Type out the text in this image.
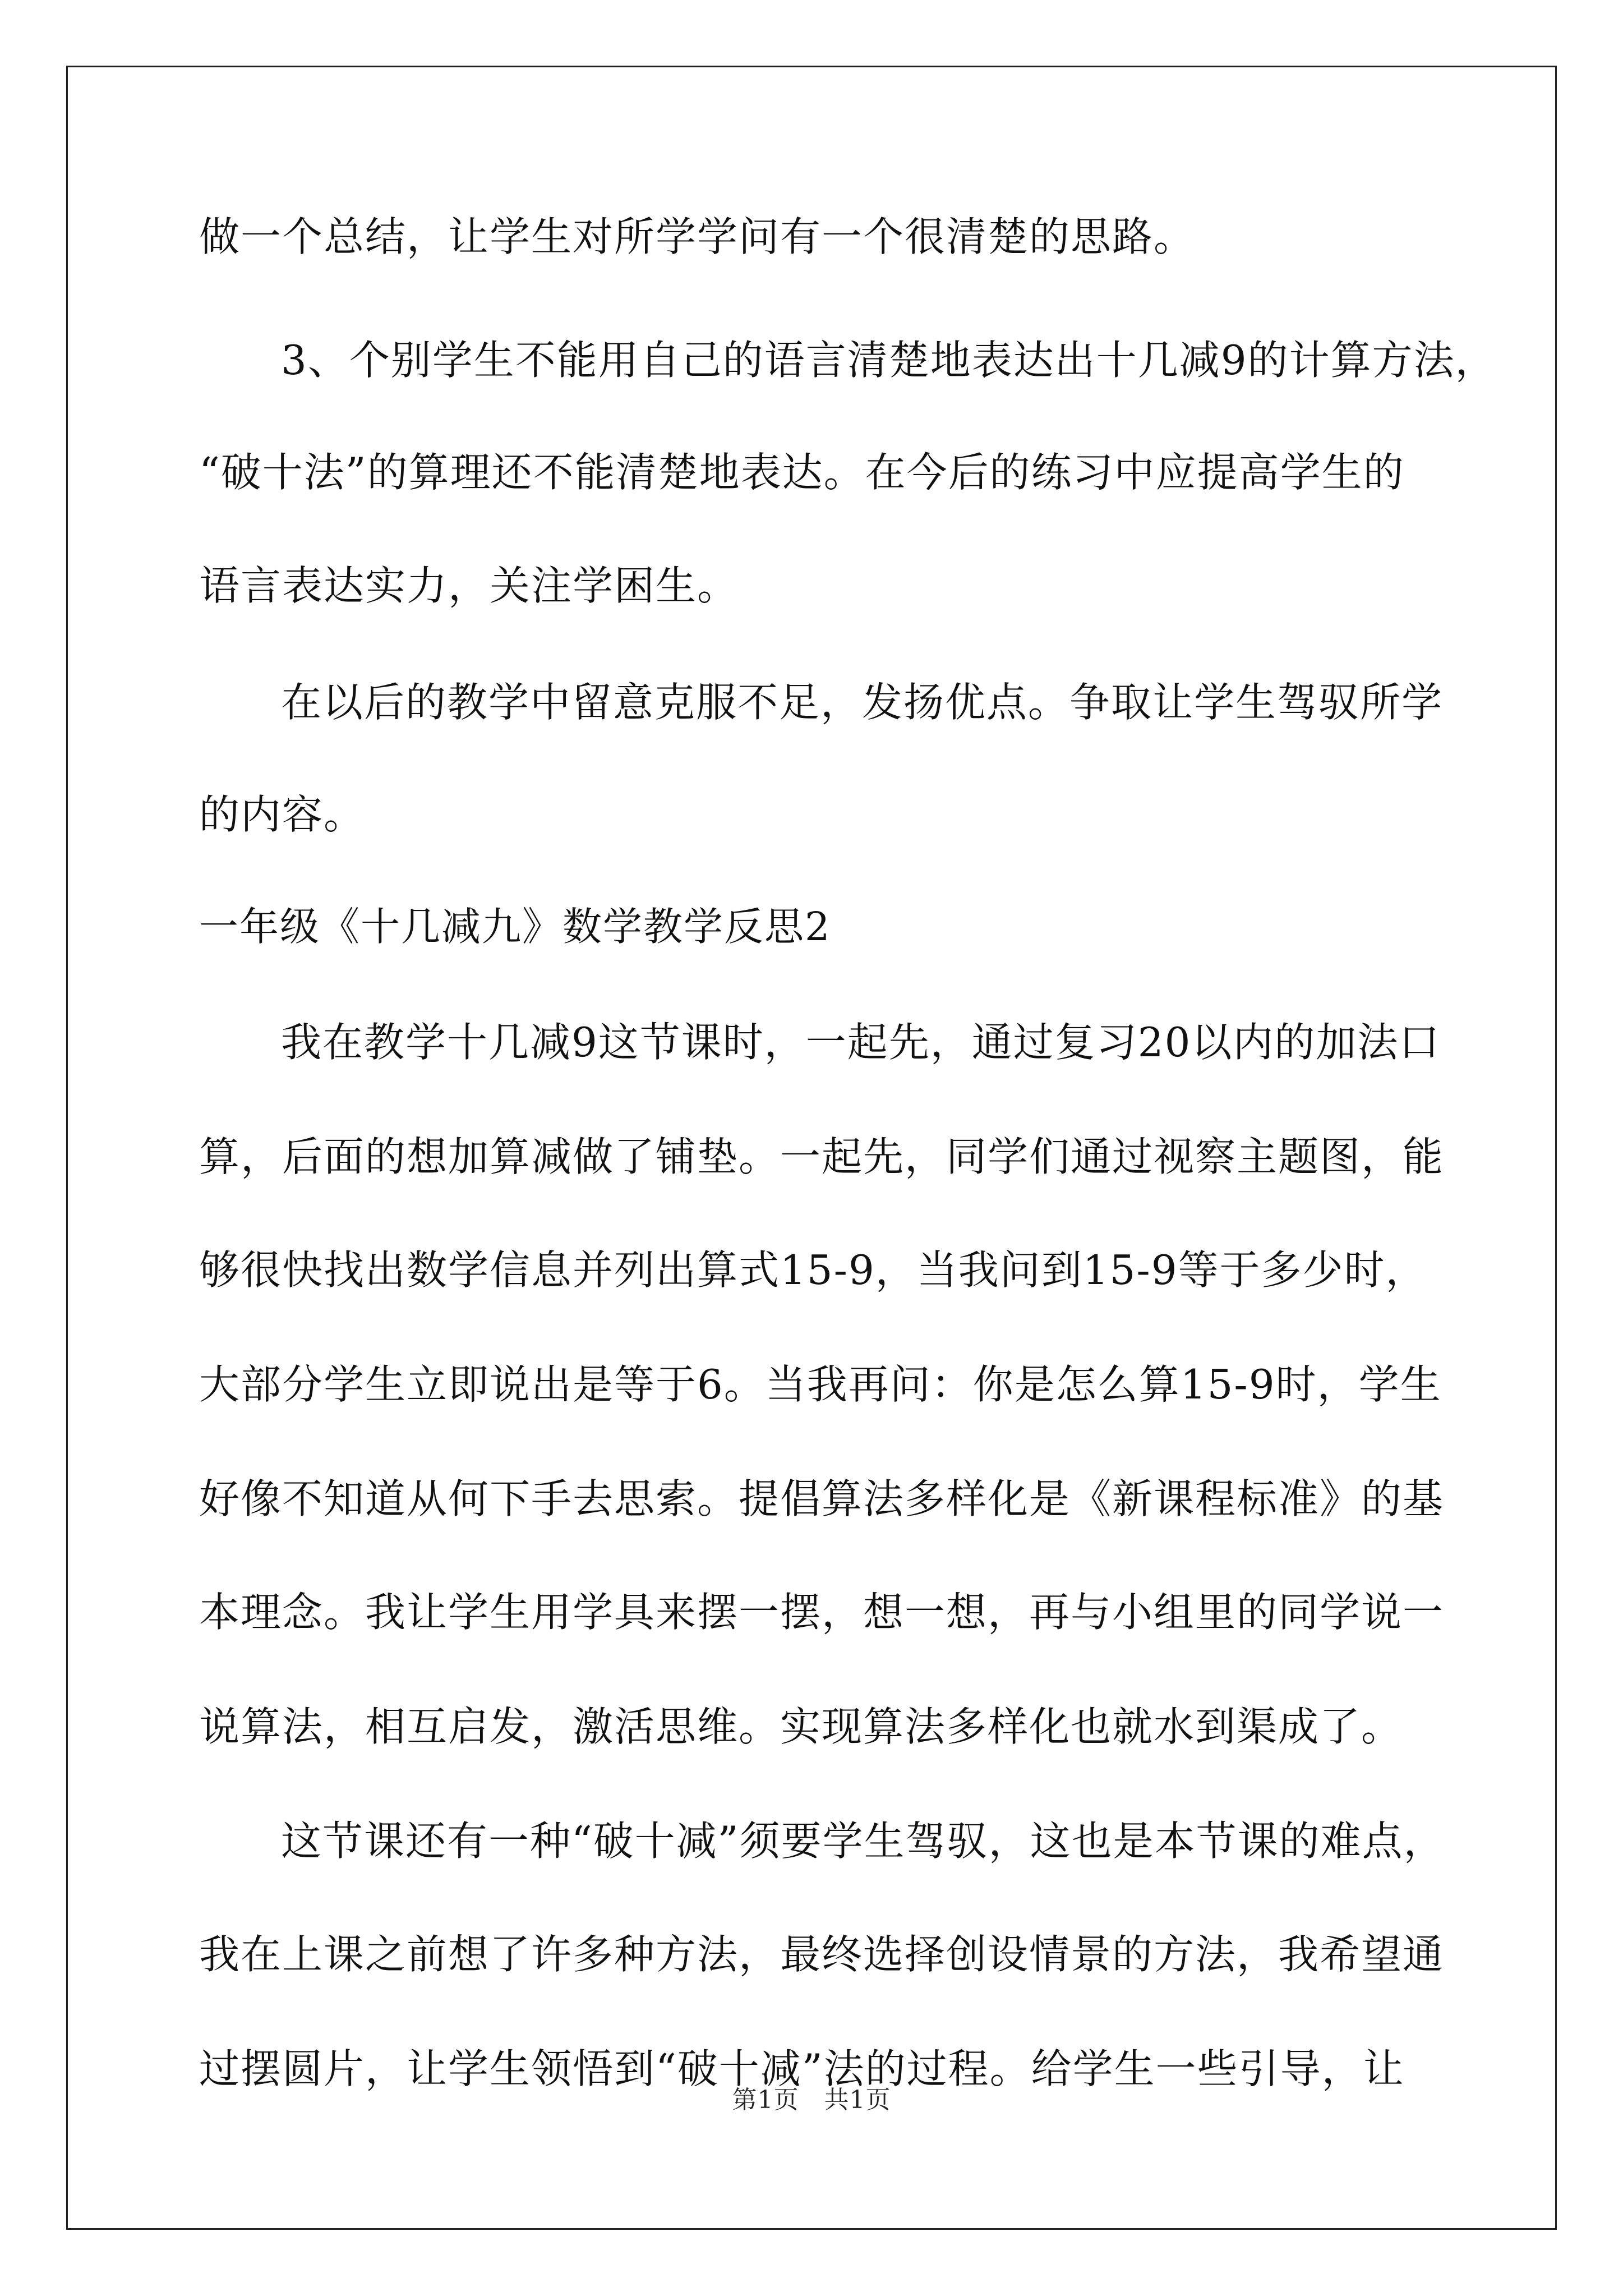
做一个总结，让学生对所学学问有一个很清楚的思路。
3、个别学生不能用自己的语言清楚地表达出十几减9的计算方法，
“破十法”的算理还不能清楚地表达。在今后的练习中应提高学生的
语言表达实力，关注学困生。
在以后的教学中留意克服不足，发扬优点。争取让学生驾驭所学
的内容。
一年级《十几减九》数学教学反思2
我在教学十几减9这节课时，一起先，通过复习20以内的加法口
算，后面的想加算减做了铺垫。一起先，同学们通过视察主题图，能
够很快找出数学信息并列出算式15-9，当我问到15-9等于多少时，
大部分学生立即说出是等于6。当我再问：你是怎么算15-9时，学生
好像不知道从何下手去思索。提倡算法多样化是《新课程标准》的基
本理念。我让学生用学具来摆一摆，想一想，再与小组里的同学说一
说算法，相互启发，激活思维。实现算法多样化也就水到渠成了。
这节课还有一种“破十减”须要学生驾驭，这也是本节课的难点，
我在上课之前想了许多种方法，最终选择创设情景的方法，我希望通
过摆圆片，让学生领悟到“破十减”法的过程。给学生一些引导，让
第1页　共1页
